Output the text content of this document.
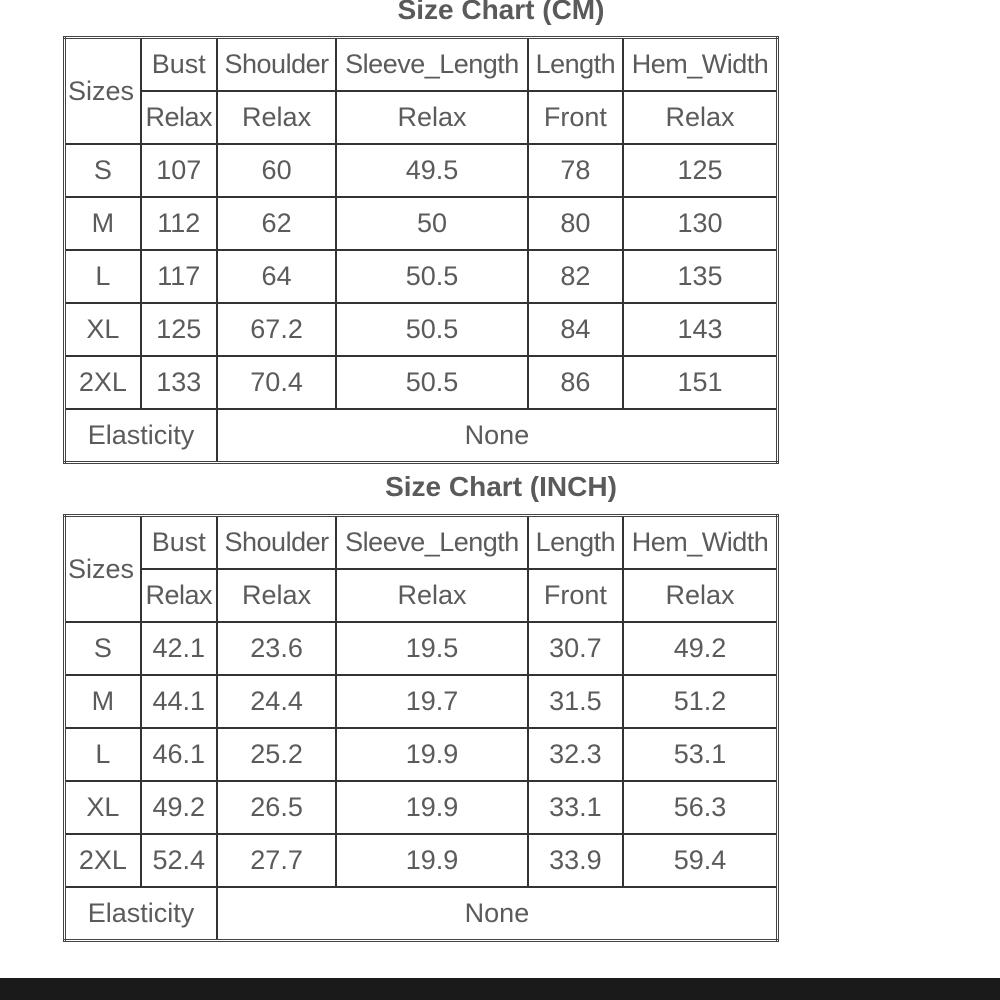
Size Chart (CM)
Sizes	Bust	Shoulder	Sleeve_Length	Length	Hem_Width
	Relax	Relax	Relax	Front	Relax
S	107	60	49.5	78	125
M	112	62	50	80	130
L	117	64	50.5	82	135
XL	125	67.2	50.5	84	143
2XL	133	70.4	50.5	86	151
Elasticity		None			
Size Chart (INCH)
Sizes	Bust	Shoulder	Sleeve_Length	Length	Hem_Width
	Relax	Relax	Relax	Front	Relax
S	42.1	23.6	19.5	30.7	49.2
M	44.1	24.4	19.7	31.5	51.2
L	46.1	25.2	19.9	32.3	53.1
XL	49.2	26.5	19.9	33.1	56.3
2XL	52.4	27.7	19.9	33.9	59.4
Elasticity		None			
